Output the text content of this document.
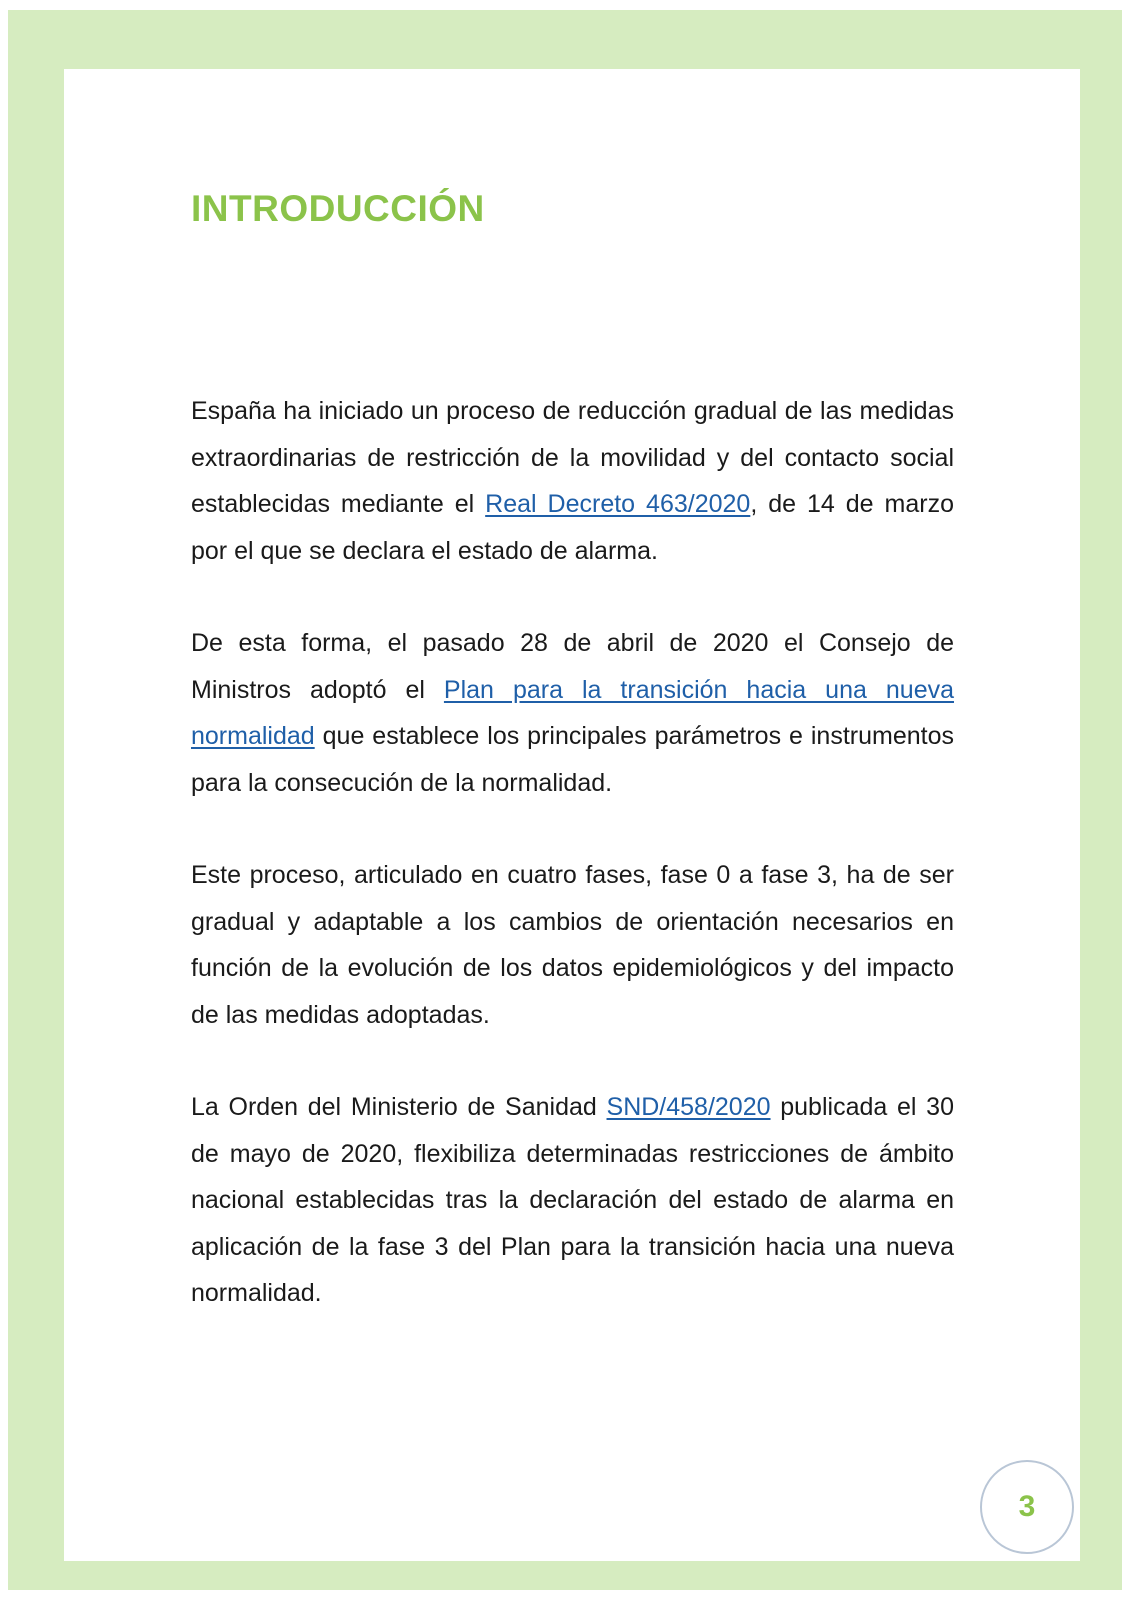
INTRODUCCIÓN

España ha iniciado un proceso de reducción gradual de las medidas extraordinarias de restricción de la movilidad y del contacto social establecidas mediante el Real Decreto 463/2020, de 14 de marzo por el que se declara el estado de alarma.

De esta forma, el pasado 28 de abril de 2020 el Consejo de Ministros adoptó el Plan para la transición hacia una nueva normalidad que establece los principales parámetros e instrumentos para la consecución de la normalidad.

Este proceso, articulado en cuatro fases, fase 0 a fase 3, ha de ser gradual y adaptable a los cambios de orientación necesarios en función de la evolución de los datos epidemiológicos y del impacto de las medidas adoptadas.

La Orden del Ministerio de Sanidad SND/458/2020 publicada el 30 de mayo de 2020, flexibiliza determinadas restricciones de ámbito nacional establecidas tras la declaración del estado de alarma en aplicación de la fase 3 del Plan para la transición hacia una nueva normalidad.

3
